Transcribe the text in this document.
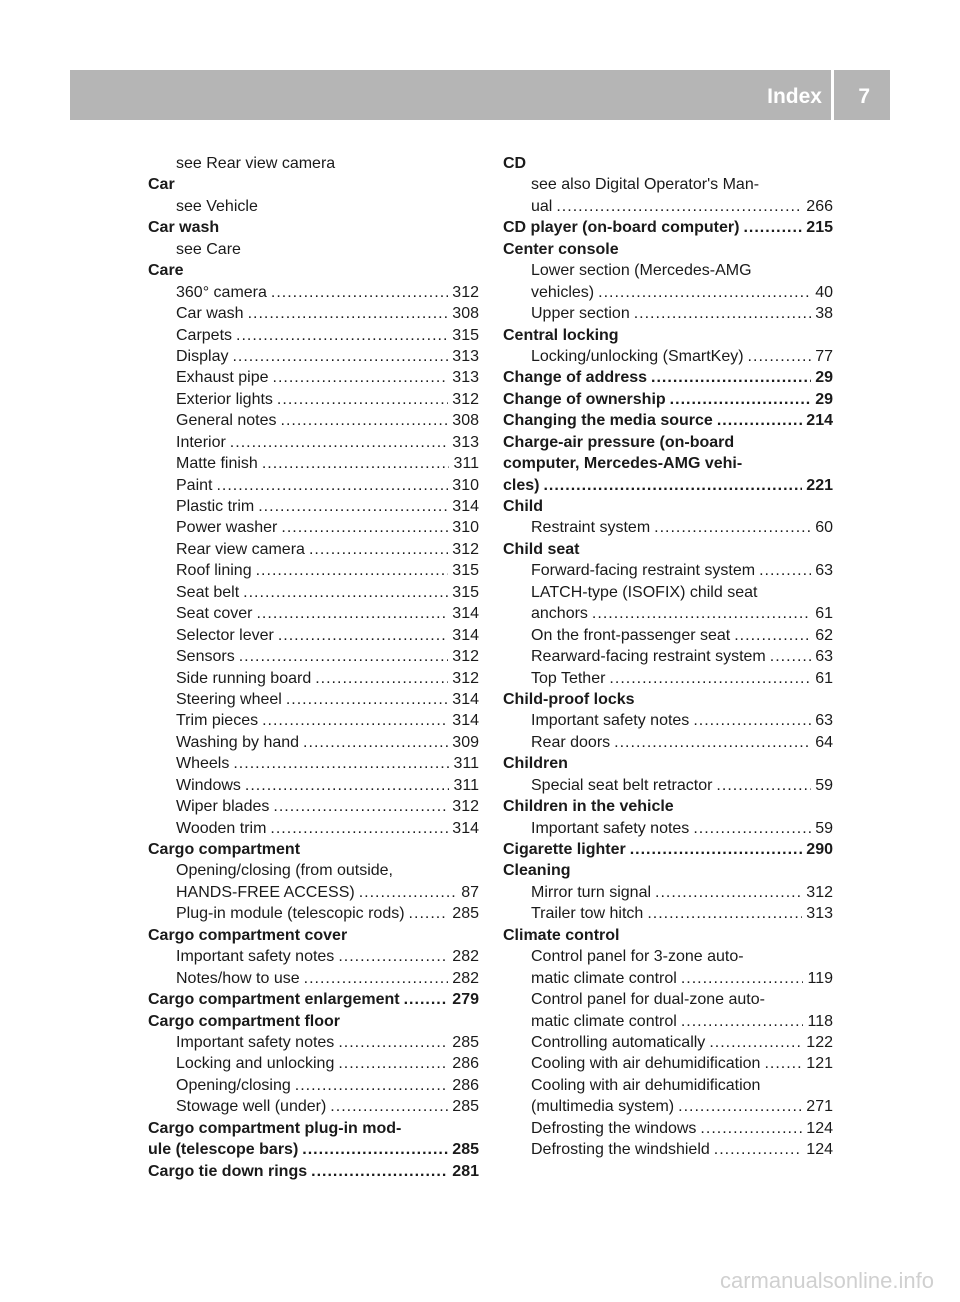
Index 7
see Rear view camera
Car
see Vehicle
Car wash
see Care
Care
360° camera .....	312
Car wash .....	308
Carpets .....	315
Display .....	313
Exhaust pipe .....	313
Exterior lights .....	312
General notes .....	308
Interior .....	313
Matte finish .....	311
Paint .....	310
Plastic trim .....	314
Power washer .....	310
Rear view camera .....	312
Roof lining .....	315
Seat belt .....	315
Seat cover .....	314
Selector lever .....	314
Sensors .....	312
Side running board .....	312
Steering wheel .....	314
Trim pieces .....	314
Washing by hand .....	309
Wheels .....	311
Windows .....	311
Wiper blades .....	312
Wooden trim .....	314
Cargo compartment
Opening/closing (from outside,
HANDS-FREE ACCESS) .....	87
Plug-in module (telescopic rods) .....	285
Cargo compartment cover
Important safety notes .....	282
Notes/how to use .....	282
Cargo compartment enlargement .....	279
Cargo compartment floor
Important safety notes .....	285
Locking and unlocking .....	286
Opening/closing .....	286
Stowage well (under) .....	285
Cargo compartment plug-in mod-
ule (telescope bars) .....	285
Cargo tie down rings .....	281
CD
see also Digital Operator's Man-
ual .....	266
CD player (on-board computer) .....	215
Center console
Lower section (Mercedes-AMG
vehicles) .....	40
Upper section .....	38
Central locking
Locking/unlocking (SmartKey) .....	77
Change of address .....	29
Change of ownership .....	29
Changing the media source .....	214
Charge-air pressure (on-board
computer, Mercedes-AMG vehi-
cles) .....	221
Child
Restraint system .....	60
Child seat
Forward-facing restraint system .....	63
LATCH-type (ISOFIX) child seat
anchors .....	61
On the front-passenger seat .....	62
Rearward-facing restraint system .....	63
Top Tether .....	61
Child-proof locks
Important safety notes .....	63
Rear doors .....	64
Children
Special seat belt retractor .....	59
Children in the vehicle
Important safety notes .....	59
Cigarette lighter .....	290
Cleaning
Mirror turn signal .....	312
Trailer tow hitch .....	313
Climate control
Control panel for 3-zone auto-
matic climate control .....	119
Control panel for dual-zone auto-
matic climate control .....	118
Controlling automatically .....	122
Cooling with air dehumidification .....	121
Cooling with air dehumidification
(multimedia system) .....	271
Defrosting the windows .....	124
Defrosting the windshield .....	124
carmanualsonline.info
